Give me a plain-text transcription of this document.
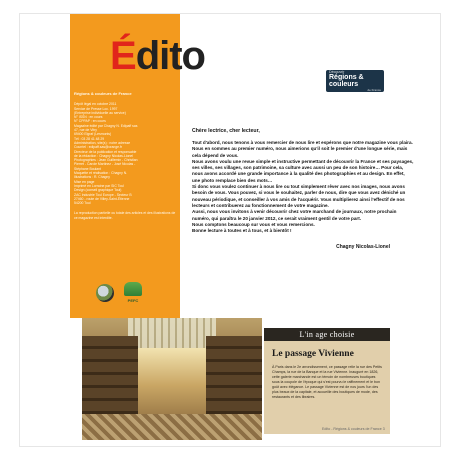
Régions & couleurs de France
Dépôt légal en octobre 2011
Service de Presse Loc. 1997
(Entreprise individuelle au service)
N° ISSN : en cours
N° CPPAP : en cours
Magazine édité par Chagny N. Edipaff sas
47, rue de Vitry
69400 Elgraf (Lesmonts)
Tél : 03 28 41 48 29
Administration, site(s) : notre adresse
Courriel : edipaff.sas@orange.fr
Directeur de la publication et responsable
de la rédaction : Chagny Nicolas-Lionel
Photographies : Jean Guillemin - Christian
Pierret - Carole Martinez - José Nicolas -
Stéphane Boulant
Maquette et réalisation : Chagny N.
Illustrations : R. Chagny
Mise en page
Imprimé en Lorraine par SIC Toul
Design (conseil graphique Toul)
ZAC Industrie Toul Europe - Secteur B
27460 - route de Villey-Saint-Étienne
54200 Toul
La reproduction partielle ou totale des articles et des illustrations de ce magazine est interdite.
PEFC
Édito	Découvrir
Régions & couleurs
de France
Chère lectrice, cher lecteur,

Tout d'abord, nous tenons à vous remercier de nous lire et espérons que notre magazine vous plaira. Nous en sommes au premier numéro, nous aimerions qu'il soit le premier d'une longue série, mais cela dépend de vous.

Nous avons voulu une revue simple et instructive permettant de découvrir la France et ses paysages, ses villes, ses villages, son patrimoine, sa culture avec aussi un peu de son histoire… Pour cela, nous avons accordé une grande importance à la qualité des photographies et au design. En effet, une photo remplace bien des mots…

Si donc vous voulez continuer à nous lire ou tout simplement rêver avec nos images, nous avons besoin de vous. Vous pouvez, si vous le souhaitez, parler de nous, dire que vous avez déniché un nouveau périodique, et conseiller à vos amis de l'acquérir. Vous multiplierez ainsi l'effectif de nos lecteurs et contribuerez au fonctionnement de votre magazine.

Aussi, nous vous invitons à venir découvrir chez votre marchand de journaux, notre prochain numéro, qui paraîtra le 20 janvier 2012, ce serait vraiment gentil de votre part.

Nous comptons beaucoup sur vous et vous remercions.

Bonne lecture à toutes et à tous, et à bientôt !

Chagny Nicolas-Lionel
L'in age choisie
Le passage Vivienne
À Paris dans le 2e arrondissement, ce passage relie la rue des Petits Champs, la rue de la Banque et la rue Vivienne. Inauguré en 1826, cette galerie marchande est un témoin de nombreuses boutiques sous la coupole de l'époque qui s'est pourvu le raffinement et le bon goût avec élégance. Le passage Vivienne est de nos jours l'un des plus beaux de la capitale, et accueille des boutiques de mode, des restaurants et des libraires.
Edito - Régions & couleurs de France 3
